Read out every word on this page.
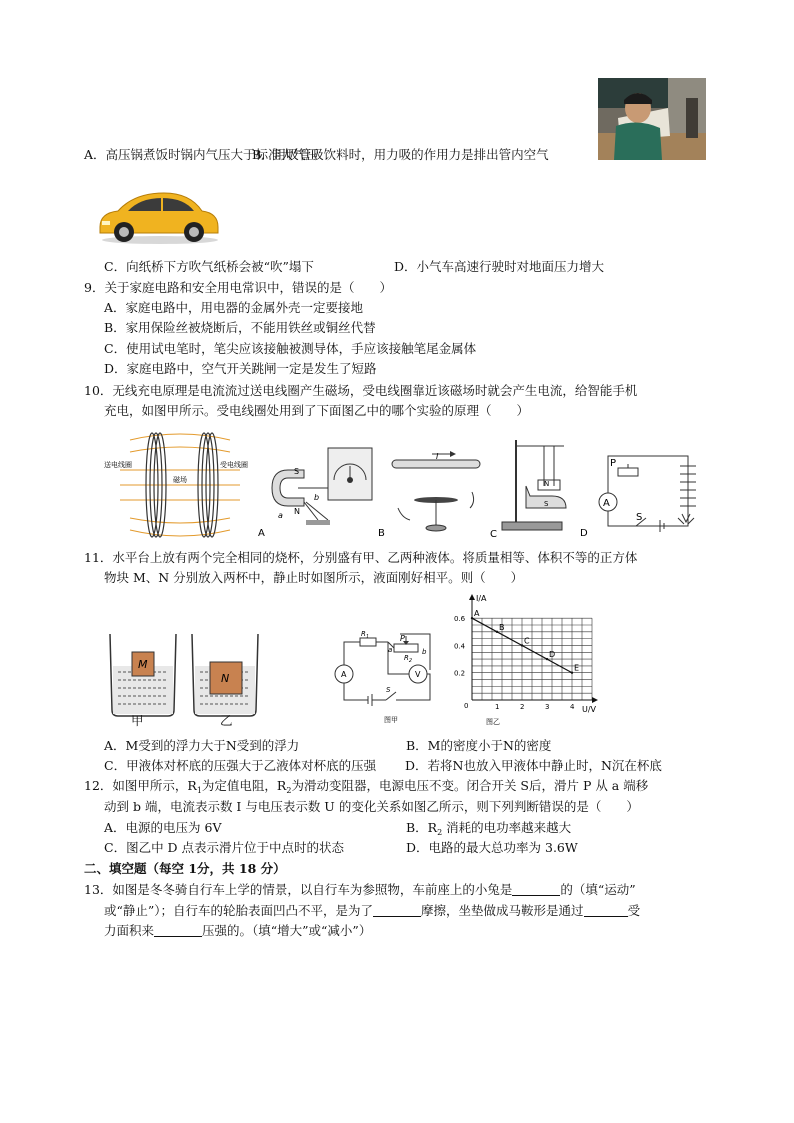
A．高压锅煮饭时锅内气压大于标准大气压
B．用吸管吸饮料时，用力吸的作用力是排出管内空气
C．向纸桥下方吹气纸桥会被“吹”塌下	D．小气车高速行驶时对地面压力增大
9．关于家庭电路和安全用电常识中，错误的是（　　）
A．家庭电路中，用电器的金属外壳一定要接地
B．家用保险丝被烧断后，不能用铁丝或铜丝代替
C．使用试电笔时，笔尖应该接触被测导体，手应该接触笔尾金属体
D．家庭电路中，空气开关跳闸一定是发生了短路
10．无线充电原理是电流流过送电线圈产生磁场，受电线圈靠近该磁场时就会产生电流，给智能手机
充电，如图甲所示。受电线圈处用到了下面图乙中的哪个实验的原理（　　）
送电线圈
磁场
受电线圈
S
N
a
b
A
I
B
N
S
C
P
A
S
D
11．水平台上放有两个完全相同的烧杯，分别盛有甲、乙两种液体。将质量相等、体积不等的正方体
物块 M、N 分别放入两杯中，静止时如图所示，液面刚好相平。则（　　）
M
N
甲	乙
$R_1$
$R_2$
P
a	b
A	V
S
图甲
I/A
U/V
0	1	2	3	4
0.2
0.4
0.6
A
B
C
D
E
图乙
A．M受到的浮力大于N受到的浮力	B．M的密度小于N的密度
C．甲液体对杯底的压强大于乙液体对杯底的压强 D．若将N也放入甲液体中静止时，N沉在杯底
12．如图甲所示，$R_1$为定值电阻，$R_2$为滑动变阻器，电源电压不变。闭合开关 S后，滑片 P 从 a 端移
动到 b 端，电流表示数 I 与电压表示数 U 的变化关系如图乙所示，则下列判断错误的是（　　）
A．电源的电压为 6V	B．$R_2$ 消耗的电功率越来越大
C．图乙中 D 点表示滑片位于中点时的状态	D．电路的最大总功率为 3.6W
二、填空题（每空 1分，共 18 分）
13．如图是冬冬骑自行车上学的情景，以自行车为参照物，车前座上的小兔是	的（填“运动”
或“静止”）；自行车的轮胎表面凹凸不平，是为了	摩擦，坐垫做成马鞍形是通过	受
力面积来	压强的。（填“增大”或“减小”）
